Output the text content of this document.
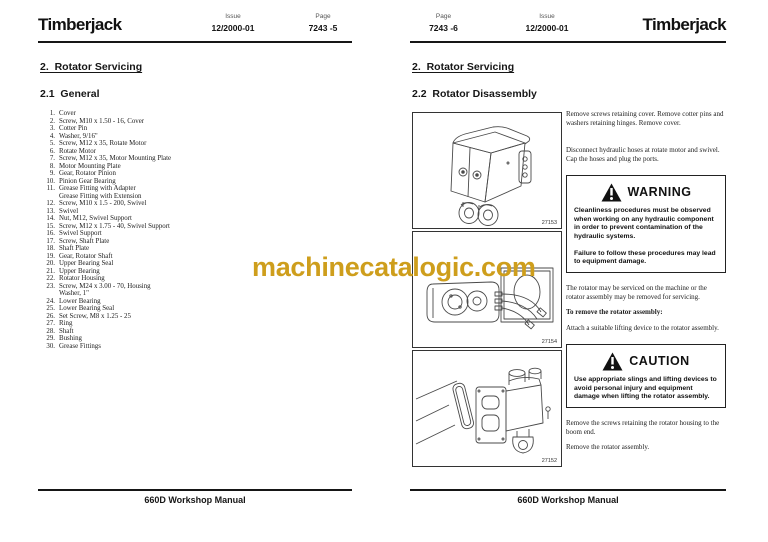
Timberjack	Issue
12/2000-01
Page
7243 -5
2.  Rotator Servicing
2.1  General
1. Cover
2. Screw, M10 x 1.50 - 16, Cover
3. Cotter Pin
4. Washer, 9/16"
5. Screw, M12 x 35, Rotate Motor
6. Rotate Motor
7. Screw, M12 x 35, Motor Mounting Plate
8. Motor Mounting Plate
9. Gear, Rotator Pinion
10. Pinion Gear Bearing
11. Grease Fitting with Adapter
Grease Fitting with Extension
12. Screw, M10 x 1.5 - 200, Swivel
13. Swivel
14. Nut, M12, Swivel Support
15. Screw, M12 x 1.75 - 40, Swivel Support
16. Swivel Support
17. Screw, Shaft Plate
18. Shaft Plate
19. Gear, Rotator Shaft
20. Upper Bearing Seal
21. Upper Bearing
22. Rotator Housing
23. Screw, M24 x 3.00 - 70, Housing
Washer, 1"
24. Lower Bearing
25. Lower Bearing Seal
26. Set Screw, M8 x 1.25 - 25
27. Ring
28. Shaft
29. Bushing
30. Grease Fittings
660D Workshop Manual
Page
7243 -6
Issue
12/2000-01	Timberjack
2.  Rotator Servicing
2.2  Rotator Disassembly
27153
27154
27152

Remove screws retaining cover. Remove cotter pins and washers retaining hinges. Remove cover.

Disconnect hydraulic hoses at rotate motor and swivel. Cap the hoses and plug the ports.

WARNING
Cleanliness procedures must be observed when working on any hydraulic component in order to prevent contamination of the hydraulic systems.
Failure to follow these procedures may lead to equipment damage.

The rotator may be serviced on the machine or the rotator assembly may be removed for servicing.

To remove the rotator assembly:

Attach a suitable lifting device to the rotator assembly.

CAUTION
Use appropriate slings and lifting devices to avoid personal injury and equipment damage when lifting the rotator assembly.

Remove the screws retaining the rotator housing to the boom end.

Remove the rotator assembly.

660D Workshop Manual
machinecatalogic.com
